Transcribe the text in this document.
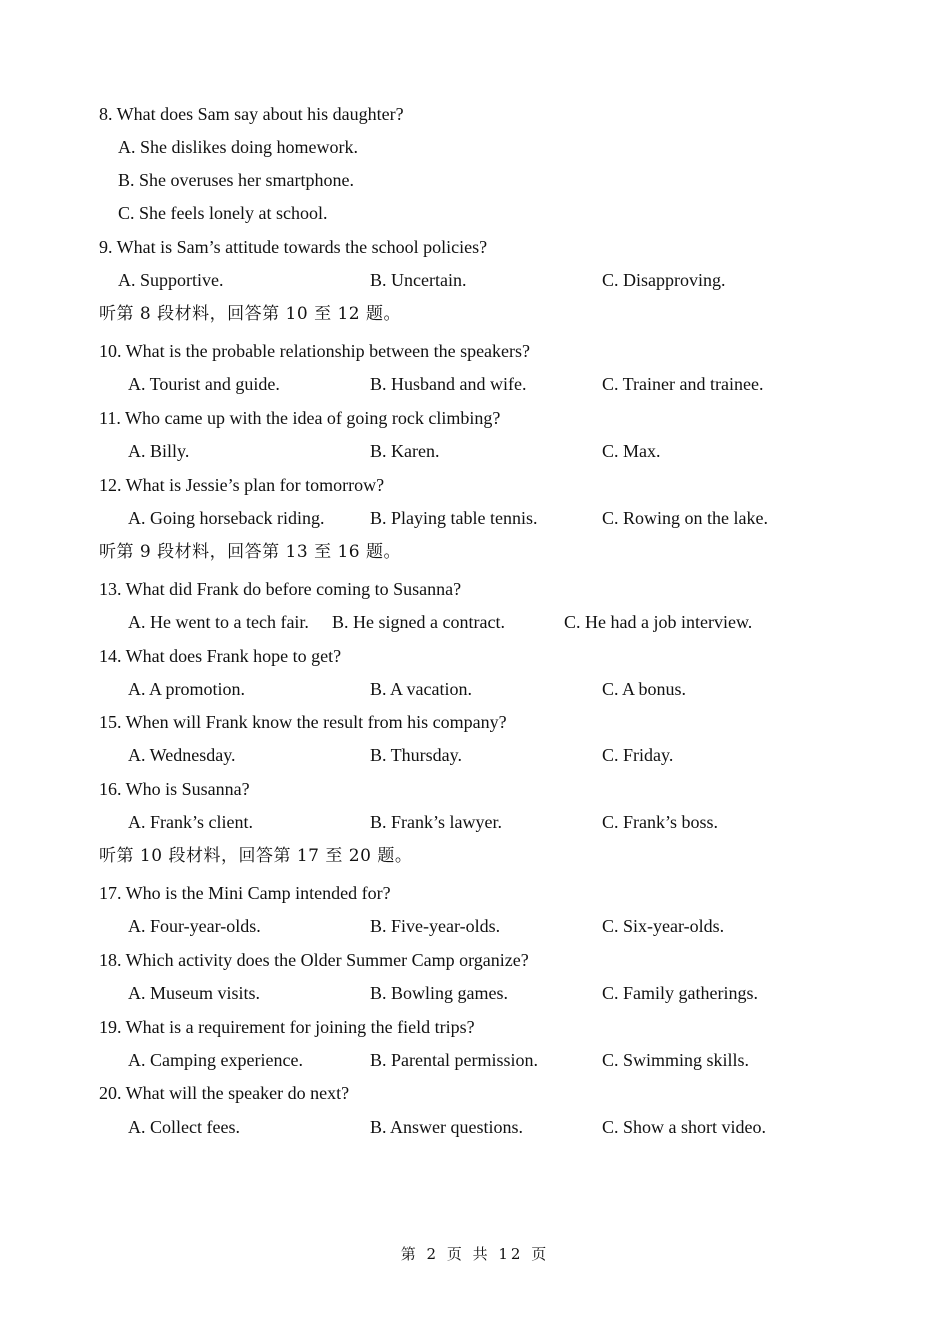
8. What does Sam say about his daughter?
A. She dislikes doing homework.
B. She overuses her smartphone.
C. She feels lonely at school.
9. What is Sam’s attitude towards the school policies?
A. Supportive.	B. Uncertain.	C. Disapproving.
听第 8 段材料，回答第 10 至 12 题。
10. What is the probable relationship between the speakers?
A. Tourist and guide.	B. Husband and wife.	C. Trainer and trainee.
11. Who came up with the idea of going rock climbing?
A. Billy.	B. Karen.	C. Max.
12. What is Jessie’s plan for tomorrow?
A. Going horseback riding.	B. Playing table tennis.	C. Rowing on the lake.
听第 9 段材料，回答第 13 至 16 题。
13. What did Frank do before coming to Susanna?
A. He went to a tech fair. B. He signed a contract.	C. He had a job interview.
14. What does Frank hope to get?
A. A promotion.	B. A vacation.	C. A bonus.
15. When will Frank know the result from his company?
A. Wednesday.	B. Thursday.	C. Friday.
16. Who is Susanna?
A. Frank’s client.	B. Frank’s lawyer.	C. Frank’s boss.
听第 10 段材料，回答第 17 至 20 题。
17. Who is the Mini Camp intended for?
A. Four-year-olds.	B. Five-year-olds.	C. Six-year-olds.
18. Which activity does the Older Summer Camp organize?
A. Museum visits.	B. Bowling games.	C. Family gatherings.
19. What is a requirement for joining the field trips?
A. Camping experience.	B. Parental permission.	C. Swimming skills.
20. What will the speaker do next?
A. Collect fees.	B. Answer questions.	C. Show a short video.
第 2 页 共 12 页
